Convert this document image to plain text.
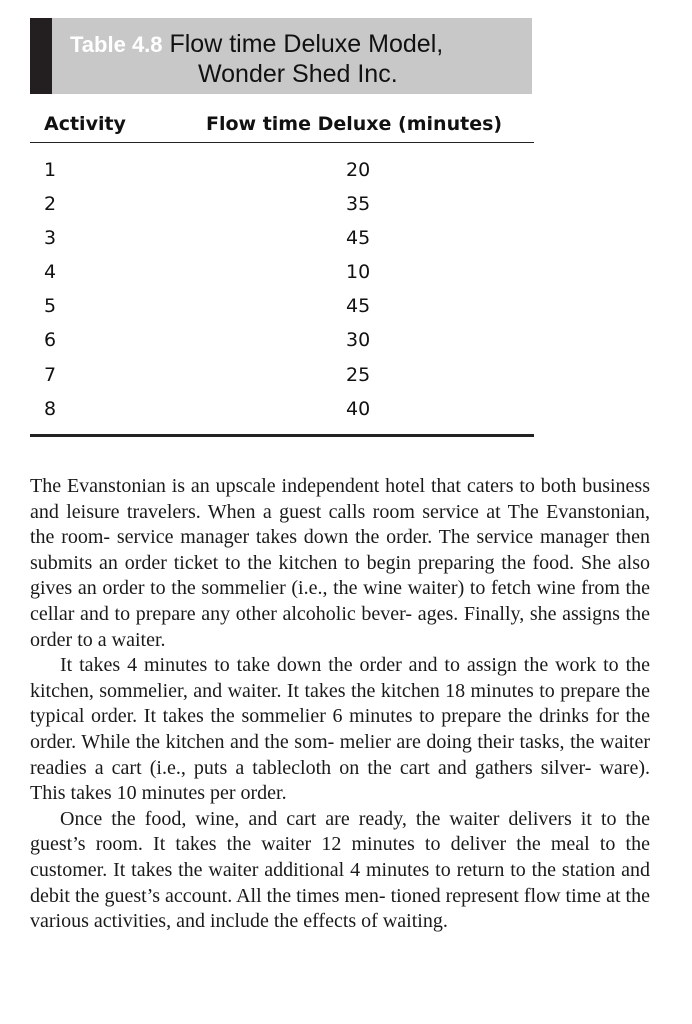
Table 4.8 Flow time Deluxe Model,
Wonder Shed Inc.
Activity	Flow time Deluxe (minutes)
1	20
2	35
3	45
4	10
5	45
6	30
7	25
8	40

The Evanstonian is an upscale independent hotel that caters to both business and leisure travelers. When a guest calls room service at The Evanstonian, the room- service manager takes down the order. The service manager then submits an order ticket to the kitchen to begin preparing the food. She also gives an order to the sommelier (i.e., the wine waiter) to fetch wine from the cellar and to prepare any other alcoholic bever- ages. Finally, she assigns the order to a waiter.

It takes 4 minutes to take down the order and to assign the work to the kitchen, sommelier, and waiter. It takes the kitchen 18 minutes to prepare the typical order. It takes the sommelier 6 minutes to prepare the drinks for the order. While the kitchen and the som- melier are doing their tasks, the waiter readies a cart (i.e., puts a tablecloth on the cart and gathers silver- ware). This takes 10 minutes per order.

Once the food, wine, and cart are ready, the waiter delivers it to the guest’s room. It takes the waiter 12 minutes to deliver the meal to the customer. It takes the waiter additional 4 minutes to return to the station and debit the guest’s account. All the times men- tioned represent flow time at the various activities, and include the effects of waiting.
